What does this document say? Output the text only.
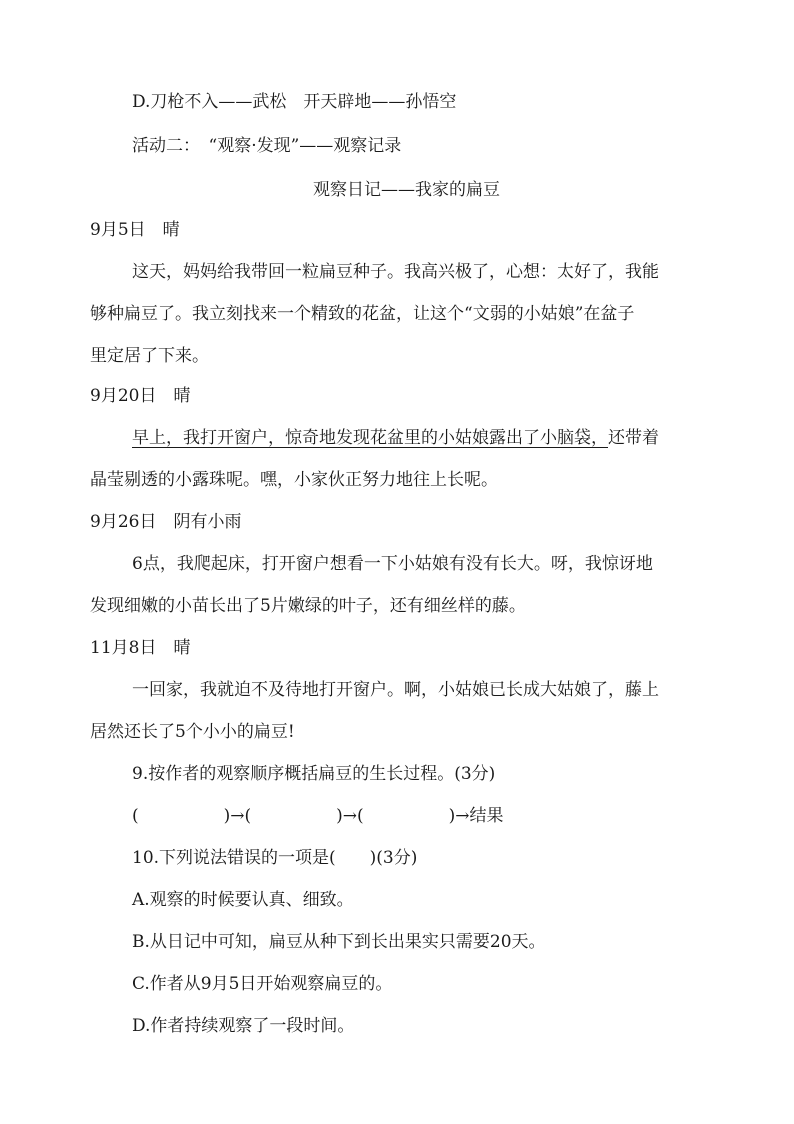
D.刀枪不入——武松　开天辟地——孙悟空
活动二：　“观察·发现”——观察记录
观察日记——我家的扁豆
9月5日　晴
这天，妈妈给我带回一粒扁豆种子。我高兴极了，心想：太好了，我能
够种扁豆了。我立刻找来一个精致的花盆，让这个“文弱的小姑娘”在盆子
里定居了下来。
9月20日　晴
早上，我打开窗户，惊奇地发现花盆里的小姑娘露出了小脑袋，还带着
晶莹剔透的小露珠呢。嘿，小家伙正努力地往上长呢。
9月26日　阴有小雨
6点，我爬起床，打开窗户想看一下小姑娘有没有长大。呀，我惊讶地
发现细嫩的小苗长出了5片嫩绿的叶子，还有细丝样的藤。
11月8日　晴
一回家，我就迫不及待地打开窗户。啊，小姑娘已长成大姑娘了，藤上
居然还长了5个小小的扁豆!
9.按作者的观察顺序概括扁豆的生长过程。(3分)
(　　　　　)→(　　　　　)→(　　　　　)→结果
10.下列说法错误的一项是(　　)(3分)
A.观察的时候要认真、细致。
B.从日记中可知，扁豆从种下到长出果实只需要20天。
C.作者从9月5日开始观察扁豆的。
D.作者持续观察了一段时间。
